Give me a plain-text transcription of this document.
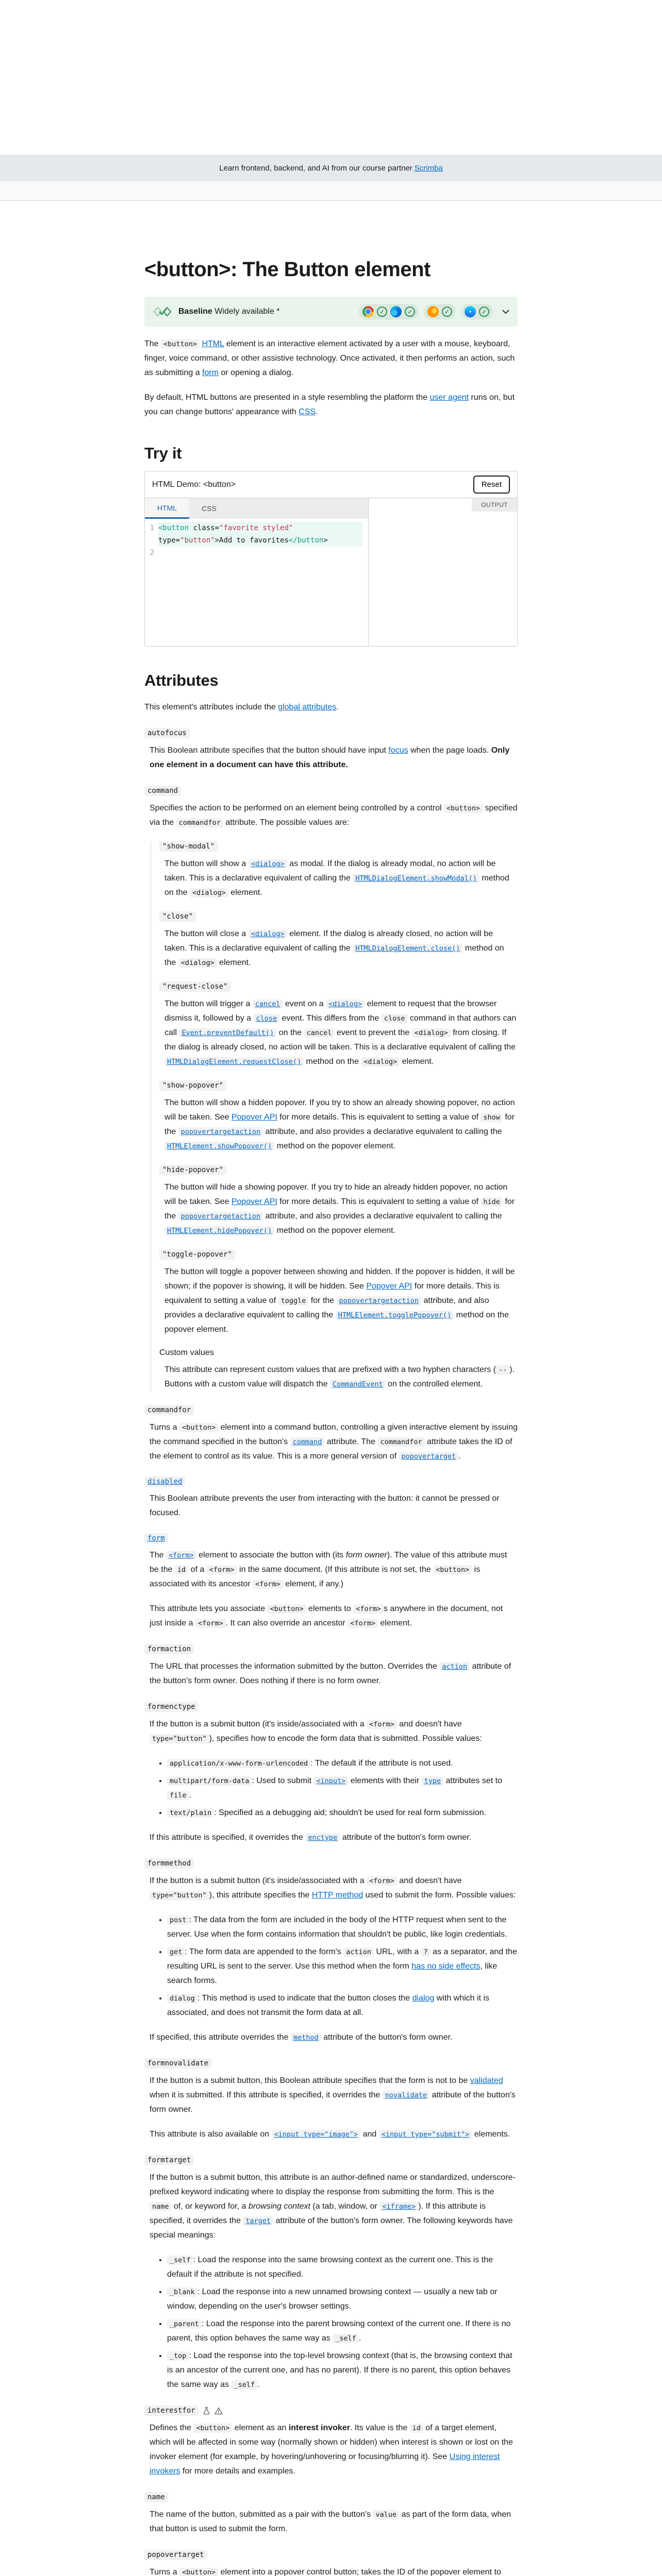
Learn frontend, backend, and AI from our course partner Scrimba
<button>: The Button element
Baseline Widely available *	✓	✓	✓	✓

The <button> HTML element is an interactive element activated by a user with a mouse, keyboard, finger, voice command, or other assistive technology. Once activated, it then performs an action, such as submitting a form or opening a dialog.

By default, HTML buttons are presented in a style resembling the platform the user agent runs on, but you can change buttons' appearance with CSS.

Try it
HTML Demo: <button>	Reset
HTML	CSS
1 <button class="favorite styled" type="button">Add to favorites</button>
2

OUTPUT
Attributes

This element's attributes include the global attributes.

autofocus

This Boolean attribute specifies that the button should have input focus when the page loads. Only one element in a document can have this attribute.

command

Specifies the action to be performed on an element being controlled by a control <button> specified via the commandfor attribute. The possible values are:

"show-modal"

The button will show a <dialog> as modal. If the dialog is already modal, no action will be taken. This is a declarative equivalent of calling the HTMLDialogElement.showModal() method on the <dialog> element.

"close"

The button will close a <dialog> element. If the dialog is already closed, no action will be taken. This is a declarative equivalent of calling the HTMLDialogElement.close() method on the <dialog> element.

"request-close"

The button will trigger a cancel event on a <dialog> element to request that the browser dismiss it, followed by a close event. This differs from the close command in that authors can call Event.preventDefault() on the cancel event to prevent the <dialog> from closing. If the dialog is already closed, no action will be taken. This is a declarative equivalent of calling the HTMLDialogElement.requestClose() method on the <dialog> element.

"show-popover"

The button will show a hidden popover. If you try to show an already showing popover, no action will be taken. See Popover API for more details. This is equivalent to setting a value of show for the popovertargetaction attribute, and also provides a declarative equivalent to calling the HTMLElement.showPopover() method on the popover element.

"hide-popover"

The button will hide a showing popover. If you try to hide an already hidden popover, no action will be taken. See Popover API for more details. This is equivalent to setting a value of hide for the popovertargetaction attribute, and also provides a declarative equivalent to calling the HTMLElement.hidePopover() method on the popover element.

"toggle-popover"

The button will toggle a popover between showing and hidden. If the popover is hidden, it will be shown; if the popover is showing, it will be hidden. See Popover API for more details. This is equivalent to setting a value of toggle for the popovertargetaction attribute, and also provides a declarative equivalent to calling the HTMLElement.togglePopover() method on the popover element.

Custom values

This attribute can represent custom values that are prefixed with a two hyphen characters ( -- ). Buttons with a custom value will dispatch the CommandEvent on the controlled element.

commandfor

Turns a <button> element into a command button, controlling a given interactive element by issuing the command specified in the button's command attribute. The commandfor attribute takes the ID of the element to control as its value. This is a more general version of popovertarget .

disabled

This Boolean attribute prevents the user from interacting with the button: it cannot be pressed or focused.

form

The <form> element to associate the button with (its form owner). The value of this attribute must be the id of a <form> in the same document. (If this attribute is not set, the <button> is associated with its ancestor <form> element, if any.)

This attribute lets you associate <button> elements to <form> s anywhere in the document, not just inside a <form> . It can also override an ancestor <form> element.

formaction

The URL that processes the information submitted by the button. Overrides the action attribute of the button's form owner. Does nothing if there is no form owner.

formenctype

If the button is a submit button (it's inside/associated with a <form> and doesn't have type="button" ), specifies how to encode the form data that is submitted. Possible values:

• application/x-www-form-urlencoded : The default if the attribute is not used.
• multipart/form-data : Used to submit <input> elements with their type attributes set to file .
• text/plain : Specified as a debugging aid; shouldn't be used for real form submission.

If this attribute is specified, it overrides the enctype attribute of the button's form owner.

formmethod

If the button is a submit button (it's inside/associated with a <form> and doesn't have type="button" ), this attribute specifies the HTTP method used to submit the form. Possible values:

• post : The data from the form are included in the body of the HTTP request when sent to the server. Use when the form contains information that shouldn't be public, like login credentials.
• get : The form data are appended to the form's action URL, with a ? as a separator, and the resulting URL is sent to the server. Use this method when the form has no side effects, like search forms.
• dialog : This method is used to indicate that the button closes the dialog with which it is associated, and does not transmit the form data at all.

If specified, this attribute overrides the method attribute of the button's form owner.

formnovalidate

If the button is a submit button, this Boolean attribute specifies that the form is not to be validated when it is submitted. If this attribute is specified, it overrides the novalidate attribute of the button's form owner.

This attribute is also available on <input type="image"> and <input type="submit"> elements.

formtarget

If the button is a submit button, this attribute is an author-defined name or standardized, underscore-prefixed keyword indicating where to display the response from submitting the form. This is the name of, or keyword for, a browsing context (a tab, window, or <iframe> ). If this attribute is specified, it overrides the target attribute of the button's form owner. The following keywords have special meanings:

• _self : Load the response into the same browsing context as the current one. This is the default if the attribute is not specified.
• _blank : Load the response into a new unnamed browsing context — usually a new tab or window, depending on the user's browser settings.
• _parent : Load the response into the parent browsing context of the current one. If there is no parent, this option behaves the same way as _self .
• _top : Load the response into the top-level browsing context (that is, the browsing context that is an ancestor of the current one, and has no parent). If there is no parent, this option behaves the same way as _self .
interestfor

Defines the <button> element as an interest invoker. Its value is the id of a target element, which will be affected in some way (normally shown or hidden) when interest is shown or lost on the invoker element (for example, by hovering/unhovering or focusing/blurring it). See Using interest invokers for more details and examples.

name

The name of the button, submitted as a pair with the button's value as part of the form data, when that button is used to submit the form.

popovertarget

Turns a <button> element into a popover control button; takes the ID of the popover element to
